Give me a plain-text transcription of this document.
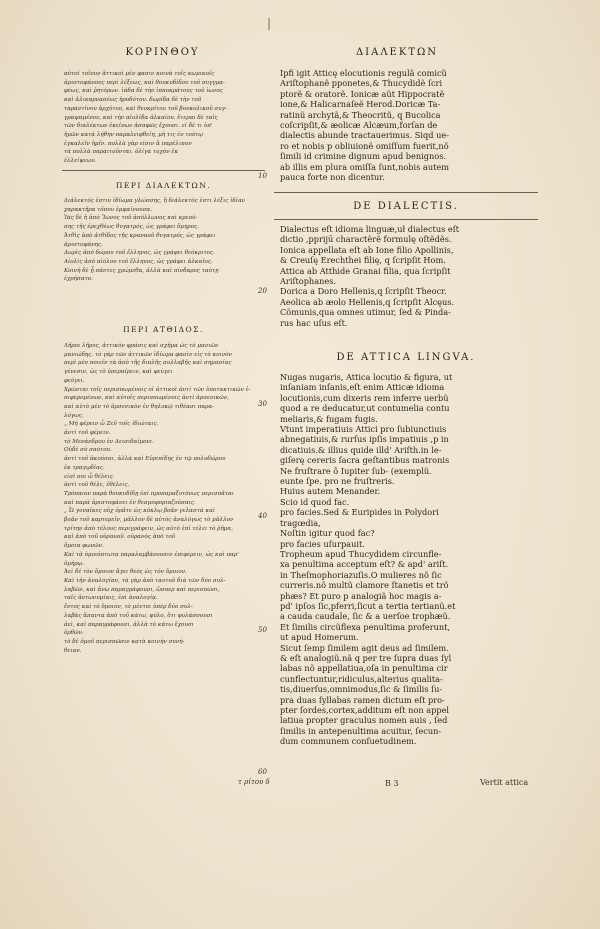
ΚΟΡΙΝΘΟΥ	ΔΙΑΛΕΚΤΩΝ
αὐτοὶ τοῖνυν ἄττικοὶ μὲν φασιν κοινὰ τοῖς κωμικοῖς
ἀριστοφάνους περὶ λέξεως, καὶ θουκυδίδου τοῦ συγγρα-
φέως, καὶ ῥητόρων. ἰάδα δὲ τὴν ἱπποκράτους τοῦ ἰωνος
καὶ ἁλικαρνασέως ἡροδότου. δωρίδα δὲ τὴν τοῦ
ταραντίνου ἀρχύτου, καὶ θεοκρίτου τοῦ βουκολικοῦ συγ-
γραψαμένου, καὶ τὴν αἰολίδα ἀλκαίου. ἕτεραι δὲ ταῖς
τῶν διαλέκτων ἐκείνων ἀσαφῶς ἔχουσι. εἰ δέ τι ὑπ'
ἡμῶν κατὰ λήθην παραλειφθείη, μὴ τις ἐν τούτῳ
ἐγκαλεῖν ἡμῖν. πολλὰ γὰρ εἰσιν ἃ παρέλιπον
τὰ πολλὰ παραιτοῦνται. ὀλίγα τυχὸν ἐκ
ἐλλείψεων.
ΠΕΡΙ ΔΙΑΛΕΚΤΩΝ.
Διάλεκτός ἐστιν ἰδίωμα γλώσσης, ἢ διάλεκτός ἐστι λέξις ἰδίαν
χαρακτῆρα τόπου ἐμφαίνουσα.
Ἰὰς δὲ ἡ ἀπὸ Ἴωνος τοῦ ἀπόλλωνος καὶ κρεού-
σης τῆς ἐρεχθέως θυγατρός, ὡς γράφει ὅμηρος.
Ἀτθὶς ἀπὸ ἀτθίδος τῆς κραναοῦ θυγατρός, ὡς γράφει
ἀριστοφάνης.
Δωρὶς ἀπὸ δώρου τοῦ ἕλληνος, ὡς γράφει θεόκριτος.
Αἰολὶς ἀπὸ αἰόλου τοῦ ἕλληνος, ὡς γράφει ἀλκαῖος.
Κοινὴ δὲ ᾗ πάντες χρώμεθα, ἀλλὰ καὶ πίνδαρος ταύτῃ
ἐχρήσατο.
ΠΕΡΙ ΑΤΘΙΔΟΣ.
Λῆροι λῆρος, ἀττικὸν φράσις καὶ σχῆμα ὡς τὸ μανιῶν
μανιώδης. τὸ γὰρ τῶν ἀττικῶν ἰδίωμα φασὶν εἰς τὸ κοινὸν
περὶ μὲν ποιεῖν τὰ ἀπὸ τῆς διπλῆς συλλαβῆς καὶ σημασίας
γένεσιν, ὡς τὸ ὑπεραίρειν, καὶ φεύγει
φεύγει.
Χρῶνται τοῖς περισπωμένοις οἱ ἀττικοὶ ἀντὶ τῶν ὑποτακτικῶν ἐ-
πιφερομένων, καὶ αὐτοῖς περισπωμένοις ἀντὶ ἀρσενικῶν,
καὶ αὐτὸ μὲν τὸ ἀρσενικὸν ἐν θηλυκῷ τιθέασι παρα-
λόγως.
„ Μὴ φέρειν ὦ Ζεῦ τοῖς ἰδιώταις.
ἀντὶ τοῦ φέρειν.
τὸ Μενάνδρου ἐν Δεισιδαίμονι.
Οὐδὲ σὺ σαύτου.
ἀντὶ τοῦ ἀκούσαι, ἀλλὰ καὶ Εὐριπίδης ἐν τῷ πολυδώρου
ἐκ τραγῳδίας.
εἰσὶ σοι ὦ θέλεις.
ἀντὶ τοῦ θέλε, ἐθέλεις.
Τρόπαιον παρὰ θουκυδίδῃ ἐπὶ προπαραξυτόνως περισπᾶται
καὶ παρὰ ἀριστοφάνει ἐν θεσμοφοριαζούσαις.
„ Ὦ γυναῖκες οὐχ ὁρᾶτε ὡς κύκλῳ βοᾶν γελαστὰ καὶ
βοᾶν τοῦ καρτερεῖν, μᾶλλον δὲ αὐτὸς ἀναλόγως τὸ μᾶλλον
τρίτην ἀπὸ τέλους περιγράφειν, ὡς αὐτὸ ἐπὶ τέλει τὸ ῥῆμα,
καὶ ἀπὸ τοῦ οὐρανοῦ. οὐρανὸς ἀπὸ τοῦ
ὅμοια φωνῶν.
Καὶ τὰ ὁμοιόπτωτα παραλαμβάνουσιν ἐπιφέρειν, ὡς καὶ παρ'
ὁμήρῳ.
Ἀεὶ δὲ τὸν ὅμοιον ἄγει θεὸς ὡς τὸν ὅμοιον.
Καὶ τὴν ἀναλογίαν, τὰ γὰρ ἀπὸ ταυτοῦ διὰ τῶν δύο συλ-
λαβῶν, καὶ ἄνω παραγράφουσι, ὥσπερ καὶ περισπῶσι,
ταῖς ἀντωνυμίαις, ἐπὶ ἀναλογίᾳ.
ἔντος καὶ τὸ ὅμοιον, τὸ μέντοι ὑπὲρ δύο συλ-
λαβὰς ἅπαντα ἀπὸ τοῦ κάτω, φύλο, ὅτι φυλάσσουσι
ἀεὶ, καὶ παραγράφουσι, ἀλλὰ τὸ κάτω ἔχουσι
ὀρθῶν.
τὸ δὲ ὁμοῦ περισπῶσιν κατὰ κοινὴν συνή-
θειαν.
τ ρίτου δ
10
20
30
40
50
60
Ipfi igit Atticę elocutionis regulã comicũ
Ariſtophanẽ pponetes,& Thucydidẽ ſcri
ptorẽ & oratorẽ. Ionicæ aũt Hippocratẽ
ione,& Halicarnaſeẽ Herod.Doricæ Ta-
ratinũ archytã,& Theocritũ, q Bucolica
coſcripſit,& æolicæ Alcæum,forſan de
dialectis abunde tractauerimus. Siqd ue-
ro et nobis p obliuionẽ omiſſum fuerit,nõ
ſimili id crimine dignum apud benignos.
ab illis em plura omiſſa ſunt,nobis autem
pauca forte non dicentur.
DE DIALECTIS.
Dialectus eſt idioma linguæ,uł dialectus eſt
dictio ,pprijū charactẽrẽ formulę oſtẽdẽs.
Ionica appellata eſt ab Ione filio Apollinis,
& Creuſę Erechthei filię, q ſcripſit Hom.
Attica ab Atthide Granai filia, qua ſcripſit
Ariſtophanes.
Dorica a Doro Hellenis,q ſcripſit Theocr.
Aeolica ab æolo Hellenis,q ſcripſit Alcęus.
Cõmunis,qua omnes utimur, ſed & Pinda-
rus hac uſus eſt.
DE ATTICA LINGVA.
Nugas nugaris, Attica locutio & figura, ut
inſaniam inſanis,eſt enim Atticæ idioma
locutionis,cum dixeris rem inferre uerbũ
quod a re deducatur,ut contumelia contu
meliaris,& fugam fugis.
Vtunt imperatiuis Attici pro ſubiunctiuis
abnegatiuis,& rurſus ipſis impatiuis ,p in
dicatiuis.& illius quide illd' Ariſth.in le-
giſerę cereris ſacra geſtantibus matronis
Ne fruſtrare ô Iupiter ſub- (exemplũ.
eunte ſpe. pro ne fruſtreris.
Huius autem Menander.
Scio id quod fac.
pro facies.Sed & Euripides in Polydori
tragœdia,
Noſtin igitur quod fac?
pro facies uſurpauit.
Tropheum apud Thucydidem circunfle-
xa penultima acceptum eſt? & apd' ariſt.
in Theſmophoriazuſis.O mulieres nõ ſic
curreris.nõ multũ clamore ſtanetis et trõ
phæs? Et puro p analogiã hoc magis a-
pd' ipſos ſic,pferri,ſicut a tertia tertianũ.et
a cauda caudale, ſic & a uerſoe trophæũ.
Et ſimilis circũflexa penultima proferunt,
ut apud Homerum.
Sicut ſemp ſimilem agit deus ad ſimilem.
& eſt analogiũ.nã q per tre ſupra duas ſyl
labas nõ appellatiua,oſa in penultima cir
cunflectuntur,ridiculus,alterius qualita-
tis,diuerſus,omnimodus,ſic & ſimilis ſu-
pra duas ſyllabas ramen dictum eſt pro-
pter ſordes,cortex,additum eſt non appel
latiua propter graculus nomen auis , ſed
ſimilis in antepenultima acuitur, ſecun-
dum communem conſuetudinem.
B 3	Vertit attica
